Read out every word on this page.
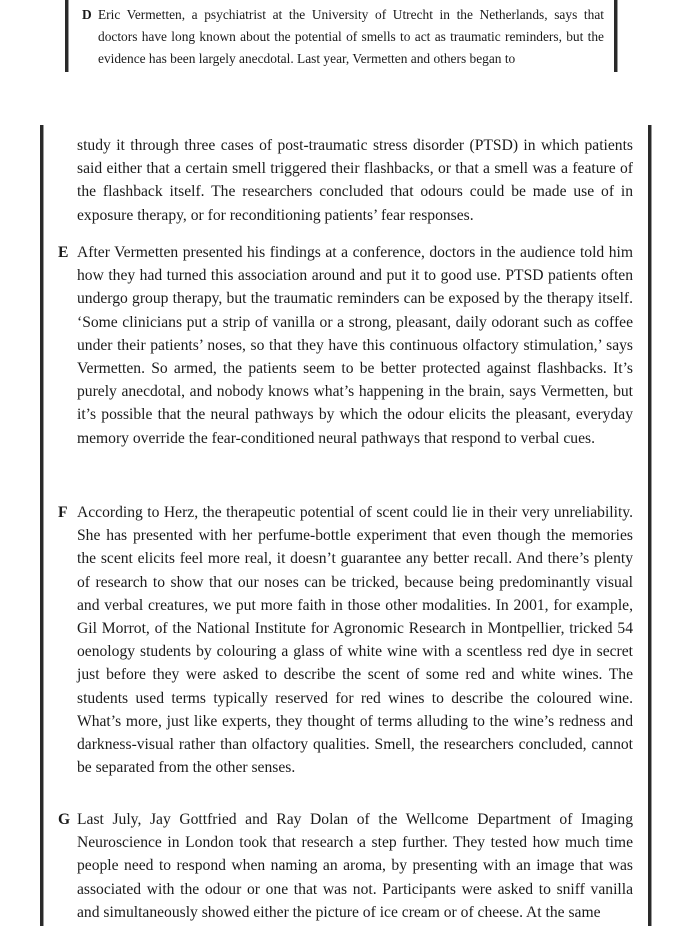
D Eric Vermetten, a psychiatrist at the University of Utrecht in the Netherlands, says that doctors have long known about the potential of smells to act as traumatic reminders, but the evidence has been largely anecdotal. Last year, Vermetten and others began to

study it through three cases of post-traumatic stress disorder (PTSD) in which patients said either that a certain smell triggered their flashbacks, or that a smell was a feature of the flashback itself. The researchers concluded that odours could be made use of in exposure therapy, or for reconditioning patients’ fear responses.

E After Vermetten presented his findings at a conference, doctors in the audience told him how they had turned this association around and put it to good use. PTSD patients often undergo group therapy, but the traumatic reminders can be exposed by the therapy itself. ‘Some clinicians put a strip of vanilla or a strong, pleasant, daily odorant such as coffee under their patients’ noses, so that they have this continuous olfactory stimulation,’ says Vermetten. So armed, the patients seem to be better protected against flashbacks. It’s purely anecdotal, and nobody knows what’s happening in the brain, says Vermetten, but it’s possible that the neural pathways by which the odour elicits the pleasant, everyday memory override the fear-conditioned neural pathways that respond to verbal cues.

F According to Herz, the therapeutic potential of scent could lie in their very unreliability. She has presented with her perfume-bottle experiment that even though the memories the scent elicits feel more real, it doesn’t guarantee any better recall. And there’s plenty of research to show that our noses can be tricked, because being predominantly visual and verbal creatures, we put more faith in those other modalities. In 2001, for example, Gil Morrot, of the National Institute for Agronomic Research in Montpellier, tricked 54 oenology students by colouring a glass of white wine with a scentless red dye in secret just before they were asked to describe the scent of some red and white wines. The students used terms typically reserved for red wines to describe the coloured wine. What’s more, just like experts, they thought of terms alluding to the wine’s redness and darkness-visual rather than olfactory qualities. Smell, the researchers concluded, cannot be separated from the other senses.

G Last July, Jay Gottfried and Ray Dolan of the Wellcome Department of Imaging Neuroscience in London took that research a step further. They tested how much time people need to respond when naming an aroma, by presenting with an image that was associated with the odour or one that was not. Participants were asked to sniff vanilla and simultaneously showed either the picture of ice cream or of cheese. At the same
